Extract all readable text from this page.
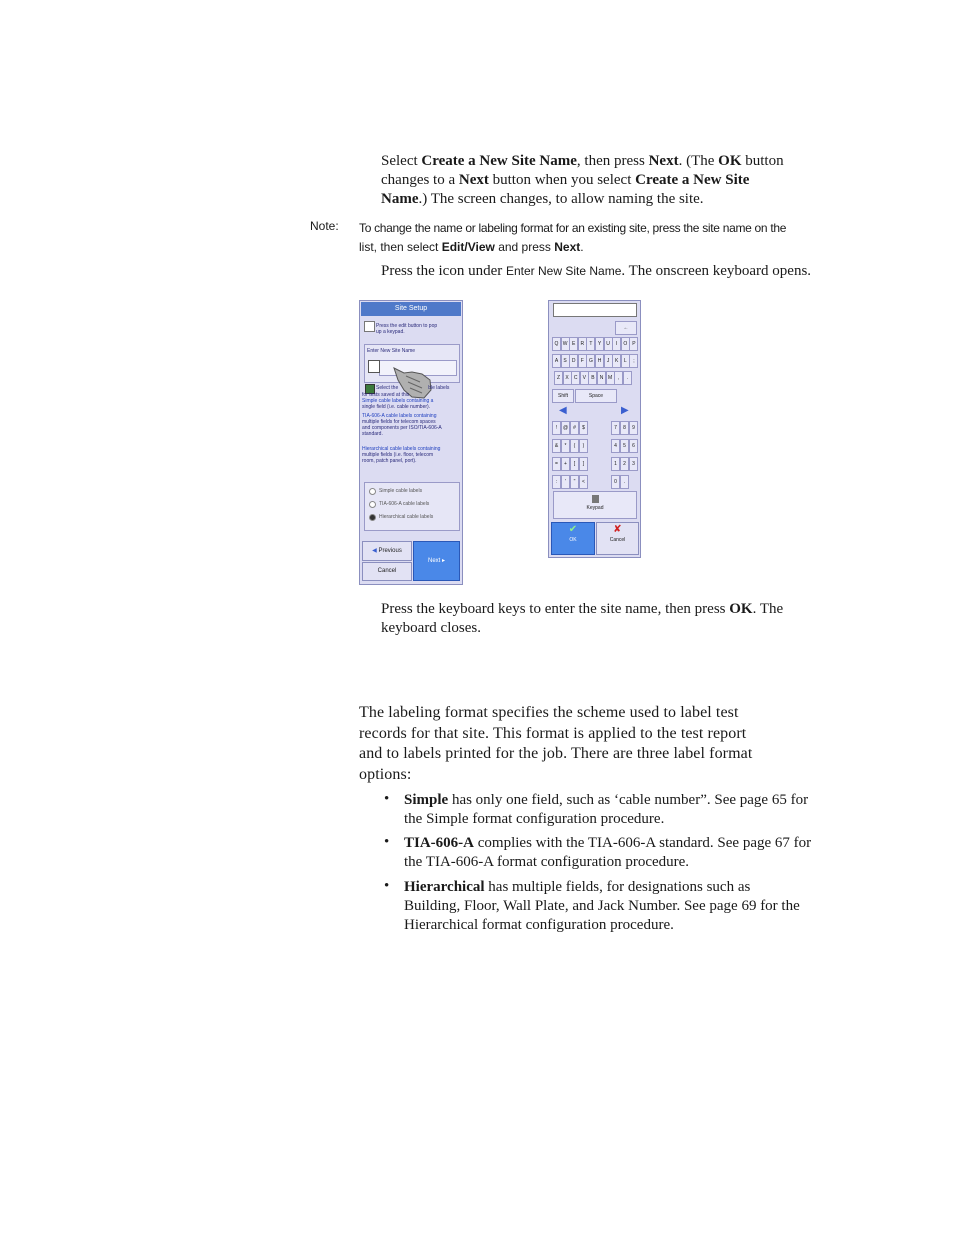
Select Create a New Site Name, then press Next. (The OK button
changes to a Next button when you select Create a New Site
Name.) The screen changes, to allow naming the site.
Note: To change the name or labeling format for an existing site, press the site name on the
list, then select Edit/View and press Next.
Press the icon under Enter New Site Name. The onscreen keyboard opens.
Site Setup
Press the edit button to pop
up a keypad.
Enter New Site Name
Select the	ble labels
for tests saved at this
Simple cable labels containing a
single field (i.e. cable number).
TIA-606-A cable labels containing
multiple fields for telecom spaces
and components per ISO/TIA-606-A
standard.
Hierarchical cable labels containing
multiple fields (i.e. floor, telecom
room, patch panel, port).
Simple cable labels
TIA-606-A cable labels
Hierarchical cable labels
◀ Previous
Cancel
Next ▸
←
Shift	Space
◀	▶
Keypad
✔
OK
✘
Cancel
Q W E	R	T	Y	U	I	O P
A	S	D	F	G H	J	K	L	;
Z	X	C	V	B	N M	,	.
!	@	#	$
&	*	(	)
=	+	[	]
:	'	"	<
7	8	9
4	5	6
1	2	3
0	.
Press the keyboard keys to enter the site name, then press OK. The
keyboard closes.
The labeling format specifies the scheme used to label test
records for that site. This format is applied to the test report
and to labels printed for the job. There are three label format
options:
• Simple has only one field, such as ‘cable number”. See page 65 for
the Simple format configuration procedure.
• TIA-606-A complies with the TIA-606-A standard. See page 67 for
the TIA-606-A format configuration procedure.
• Hierarchical has multiple fields, for designations such as
Building, Floor, Wall Plate, and Jack Number. See page 69 for the
Hierarchical format configuration procedure.
